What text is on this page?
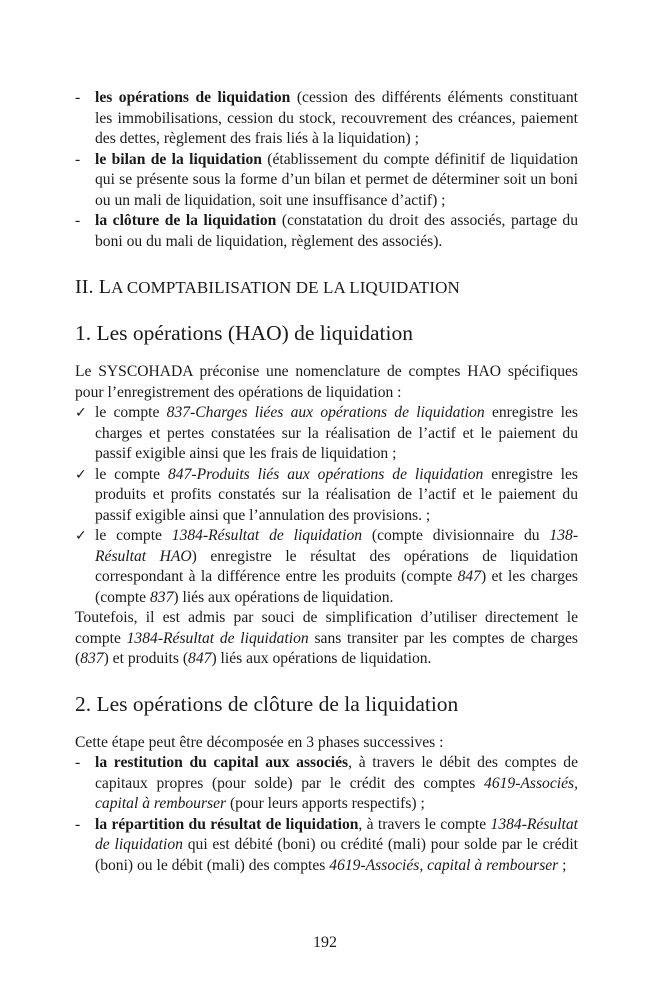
- les opérations de liquidation (cession des différents éléments constituant les immobilisations, cession du stock, recouvrement des créances, paiement des dettes, règlement des frais liés à la liquidation) ;
- le bilan de la liquidation (établissement du compte définitif de liquidation qui se présente sous la forme d’un bilan et permet de déterminer soit un boni ou un mali de liquidation, soit une insuffisance d’actif) ;
- la clôture de la liquidation (constatation du droit des associés, partage du boni ou du mali de liquidation, règlement des associés).
II. LA COMPTABILISATION DE LA LIQUIDATION
1. Les opérations (HAO) de liquidation

Le SYSCOHADA préconise une nomenclature de comptes HAO spécifiques pour l’enregistrement des opérations de liquidation :

✓ le compte 837-Charges liées aux opérations de liquidation enregistre les charges et pertes constatées sur la réalisation de l’actif et le paiement du passif exigible ainsi que les frais de liquidation ;
✓ le compte 847-Produits liés aux opérations de liquidation enregistre les produits et profits constatés sur la réalisation de l’actif et le paiement du passif exigible ainsi que l’annulation des provisions. ;
✓ le compte 1384-Résultat de liquidation (compte divisionnaire du 138-Résultat HAO) enregistre le résultat des opérations de liquidation correspondant à la différence entre les produits (compte 847) et les charges (compte 837) liés aux opérations de liquidation.

Toutefois, il est admis par souci de simplification d’utiliser directement le compte 1384-Résultat de liquidation sans transiter par les comptes de charges (837) et produits (847) liés aux opérations de liquidation.

2. Les opérations de clôture de la liquidation

Cette étape peut être décomposée en 3 phases successives :

- la restitution du capital aux associés, à travers le débit des comptes de capitaux propres (pour solde) par le crédit des comptes 4619-Associés, capital à rembourser (pour leurs apports respectifs) ;
- la répartition du résultat de liquidation, à travers le compte 1384-Résultat de liquidation qui est débité (boni) ou crédité (mali) pour solde par le crédit (boni) ou le débit (mali) des comptes 4619-Associés, capital à rembourser ;
192
